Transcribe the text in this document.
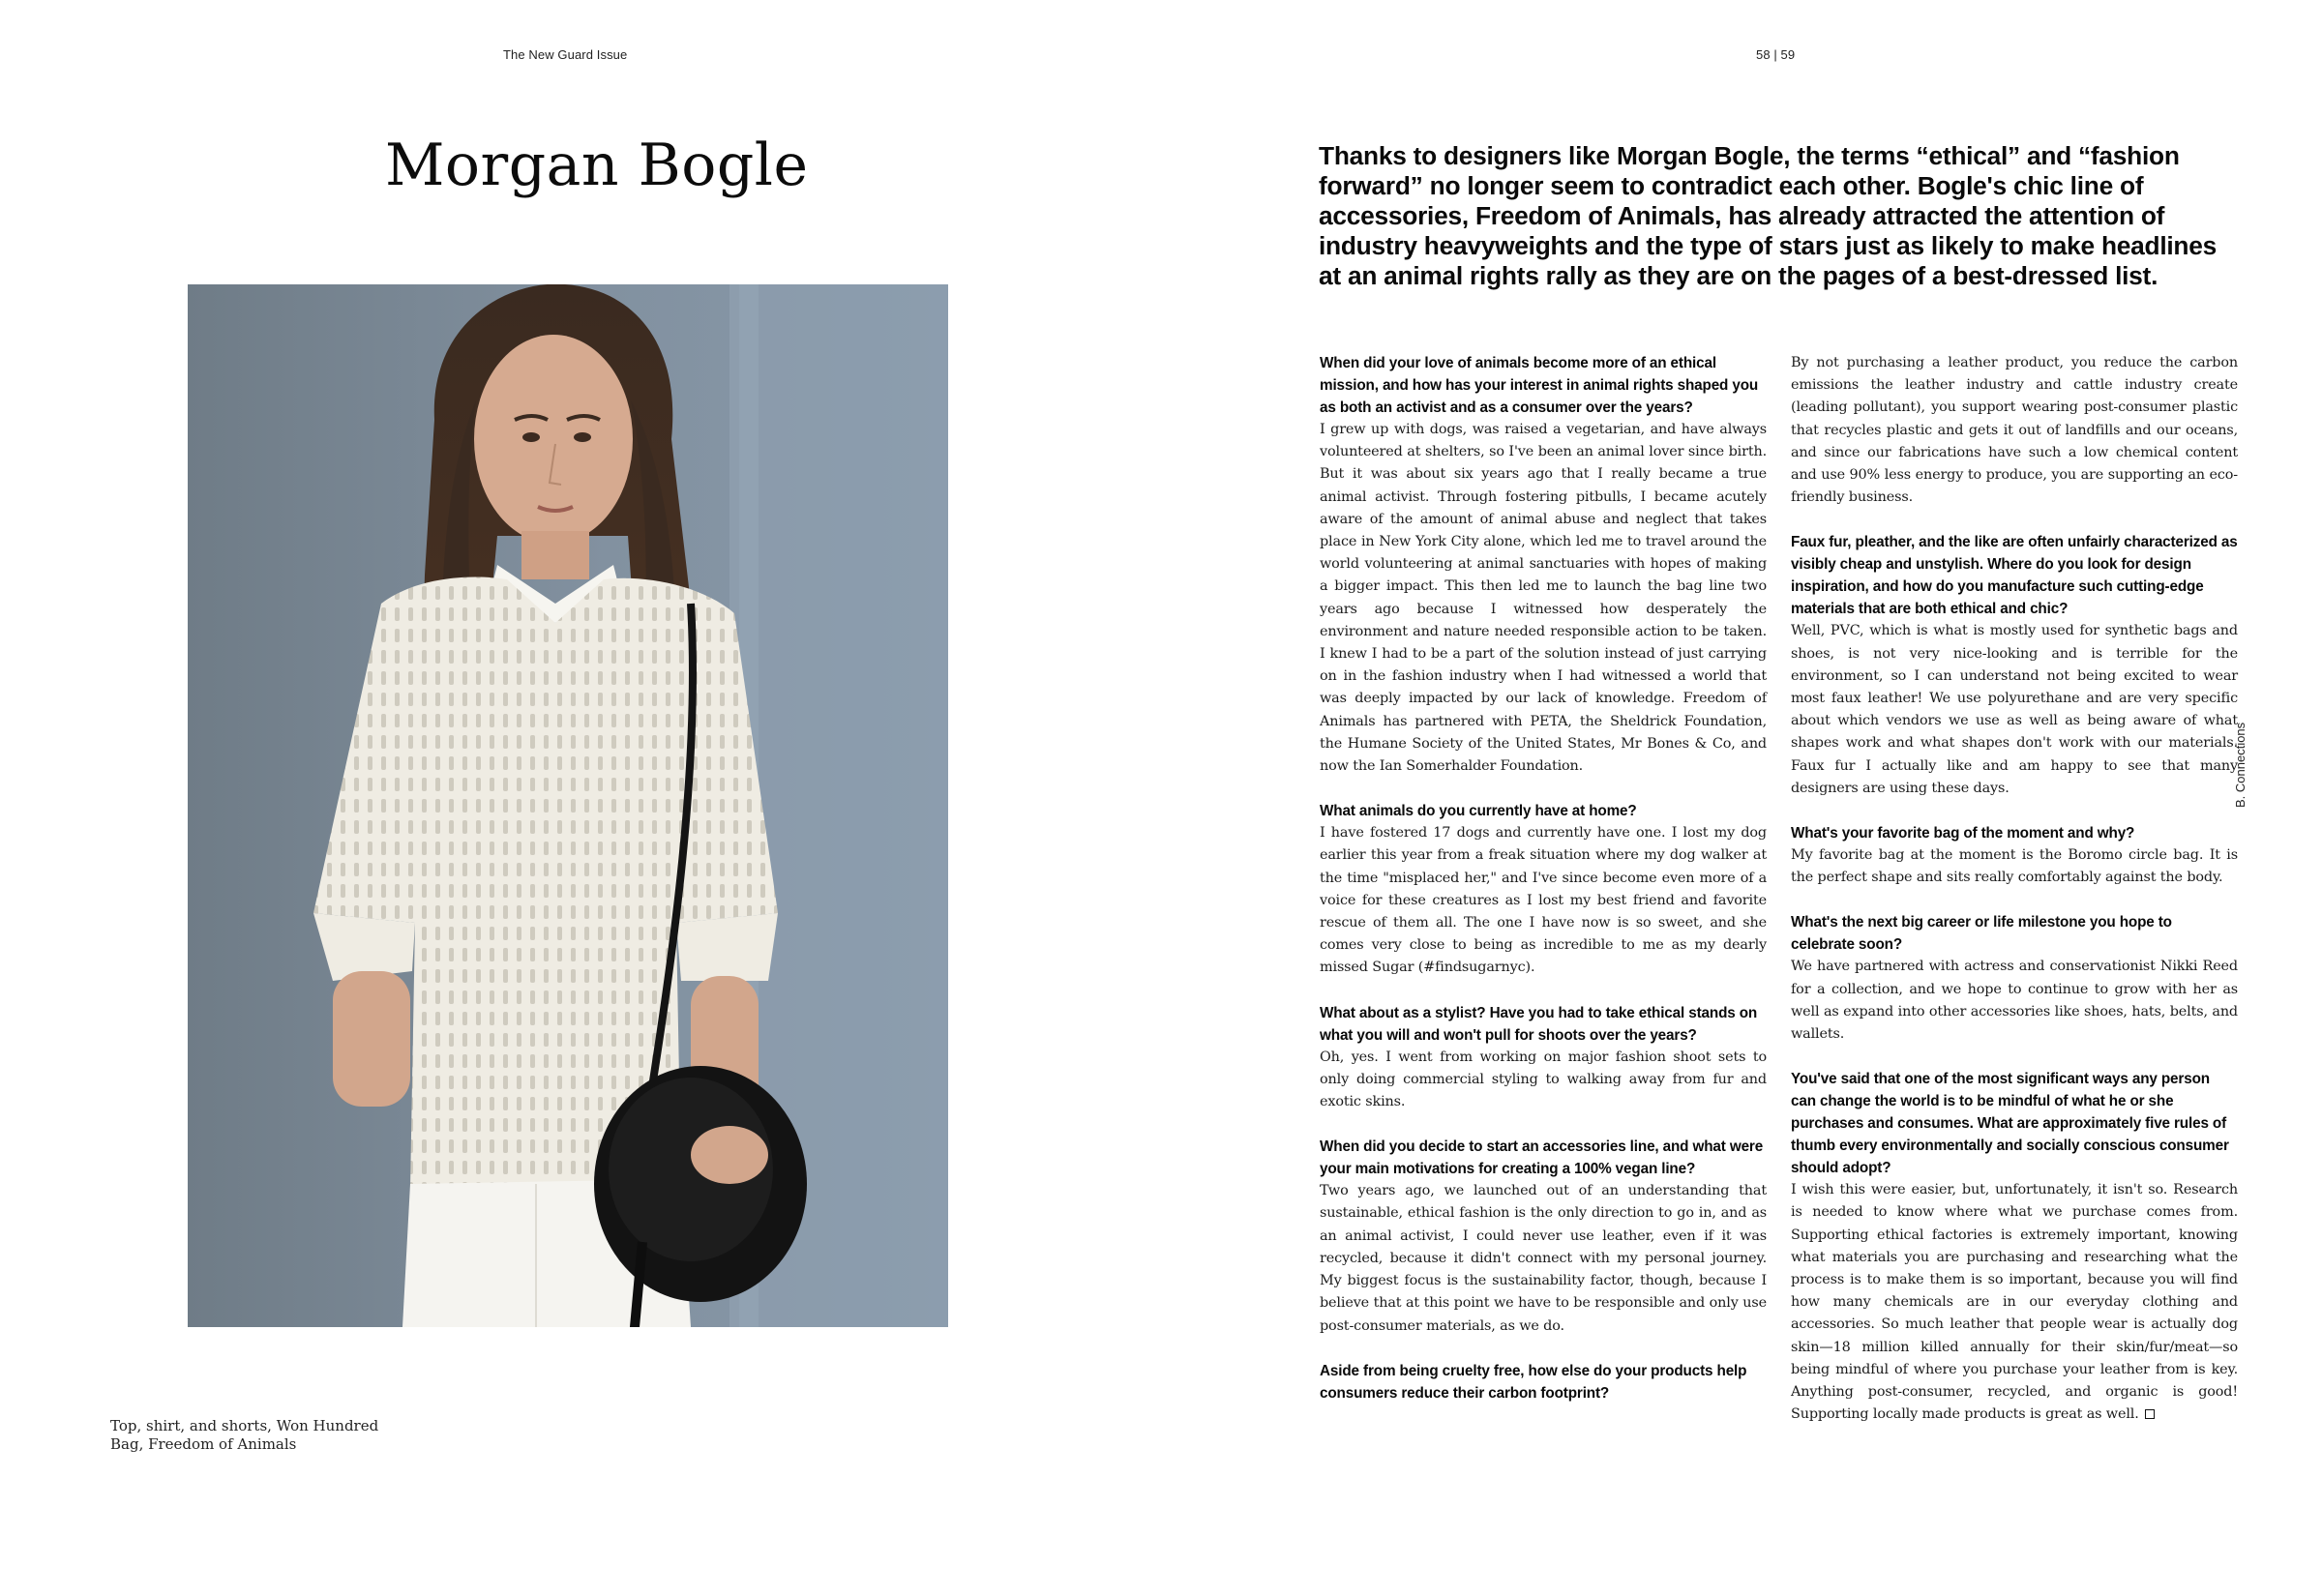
The New Guard Issue	58 | 59
Morgan Bogle
Top, shirt, and shorts, Won Hundred
Bag, Freedom of Animals
Thanks to designers like Morgan Bogle, the terms “ethical” and “fashion forward” no longer seem to contradict each other. Bogle's chic line of accessories, Freedom of Animals, has already attracted the attention of industry heavyweights and the type of stars just as likely to make headlines at an animal rights rally as they are on the pages of a best-dressed list.
When did your love of animals become more of an ethical mission, and how has your interest in animal rights shaped you as both an activist and as a consumer over the years?
I grew up with dogs, was raised a vegetarian, and have always volunteered at shelters, so I've been an animal lover since birth. But it was about six years ago that I really became a true animal activist. Through fostering pitbulls, I became acutely aware of the amount of animal abuse and neglect that takes place in New York City alone, which led me to travel around the world volunteering at animal sanctuaries with hopes of making a bigger impact. This then led me to launch the bag line two years ago because I witnessed how desperately the environment and nature needed responsible action to be taken. I knew I had to be a part of the solution instead of just carrying on in the fashion industry when I had witnessed a world that was deeply impacted by our lack of knowledge. Freedom of Animals has partnered with PETA, the Sheldrick Foundation, the Humane Society of the United States, Mr Bones & Co, and now the Ian Somerhalder Foundation.
What animals do you currently have at home?
I have fostered 17 dogs and currently have one. I lost my dog earlier this year from a freak situation where my dog walker at the time "misplaced her," and I've since become even more of a voice for these creatures as I lost my best friend and favorite rescue of them all. The one I have now is so sweet, and she comes very close to being as incredible to me as my dearly missed Sugar (#findsugarnyc).
What about as a stylist? Have you had to take ethical stands on what you will and won't pull for shoots over the years?
Oh, yes. I went from working on major fashion shoot sets to only doing commercial styling to walking away from fur and exotic skins.
When did you decide to start an accessories line, and what were your main motivations for creating a 100% vegan line?
Two years ago, we launched out of an understanding that sustainable, ethical fashion is the only direction to go in, and as an animal activist, I could never use leather, even if it was recycled, because it didn't connect with my personal journey. My biggest focus is the sustainability factor, though, because I believe that at this point we have to be responsible and only use post-consumer materials, as we do.
Aside from being cruelty free, how else do your products help consumers reduce their carbon footprint?
By not purchasing a leather product, you reduce the carbon emissions the leather industry and cattle industry create (leading pollutant), you support wearing post-consumer plastic that recycles plastic and gets it out of landfills and our oceans, and since our fabrications have such a low chemical content and use 90% less energy to produce, you are supporting an eco-friendly business.
Faux fur, pleather, and the like are often unfairly characterized as visibly cheap and unstylish. Where do you look for design inspiration, and how do you manufacture such cutting-edge materials that are both ethical and chic?
Well, PVC, which is what is mostly used for synthetic bags and shoes, is not very nice-looking and is terrible for the environment, so I can understand not being excited to wear most faux leather! We use polyurethane and are very specific about which vendors we use as well as being aware of what shapes work and what shapes don't work with our materials. Faux fur I actually like and am happy to see that many designers are using these days.
What's your favorite bag of the moment and why?
My favorite bag at the moment is the Boromo circle bag. It is the perfect shape and sits really comfortably against the body.
What's the next big career or life milestone you hope to celebrate soon?
We have partnered with actress and conservationist Nikki Reed for a collection, and we hope to continue to grow with her as well as expand into other accessories like shoes, hats, belts, and wallets.
You've said that one of the most significant ways any person can change the world is to be mindful of what he or she purchases and consumes. What are approximately five rules of thumb every environmentally and socially conscious consumer should adopt?
I wish this were easier, but, unfortunately, it isn't so. Research is needed to know where what we purchase comes from. Supporting ethical factories is extremely important, knowing what materials you are purchasing and researching what the process is to make them is so important, because you will find how many chemicals are in our everyday clothing and accessories. So much leather that people wear is actually dog skin—18 million killed annually for their skin/fur/meat—so being mindful of where you purchase your leather from is key. Anything post-consumer, recycled, and organic is good! Supporting locally made products is great as well.
B. Connections
